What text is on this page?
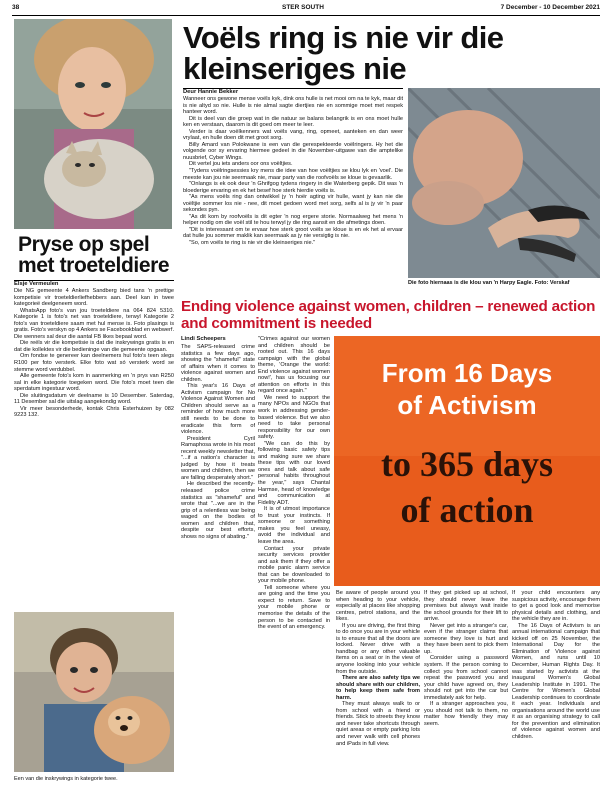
38	STER SOUTH	7 December - 10 December 2021
Pryse op spel met troeteldiere
Elsje Vermeulen

Die NG gemeente 4 Ankers Sandberg bied tans 'n prettige kompetisie vir troeteldierliefhebbers aan. Deel kan in twee kategorieë deelgeneem word.

WhatsApp foto's van jou troeteldiere na 064 824 5310. Kategorie 1 is foto's net van troeteldiere, terwyl Kategorie 2 foto's van troeteldiere saam met hul mense is. Foto plasings is gratis. Foto's verskyn op 4 Ankers se Facebookblad en webwerf. Die wenners sal deur die aantal FB likes bepaal word.

Die reëls vir die kompetisie is dat die inskrywings gratis is en dat die kollektes vir die bedieninge van die gemeente opgaan.

Om fondse te genereer kan deelnemers hul foto's teen slegs R100 per foto versterk. Elke foto wat só versterk word se stemme word verdubbel.

Alle gemeente foto's kom in aanmerking en 'n prys van R250 sal in elke kategorie toegeken word. Die foto's moet teen die sperdatum ingestuur word.

Die sluitingsdatum vir deelname is 10 Desember. Saterdag, 11 Desember sal die uitslag aangekondig word.

Vir meer besonderhede, kontak Chris Esterhuizen by 082 9223 132.

Een van die inskrywings in kategorie twee.
Voëls ring is nie vir die kleinseriges nie
Deur Hannie Bekker

Wanneer ons gewone mense voëls kyk, dink ons hulle is net mooi om na te kyk, maar dit is nie altyd so nie. Hulle is nie almal sagte diertjies nie en sommige moet met respek hanteer word.

Dit is deel van die groep wat in die natuur se balans belangrik is en ons moet hulle ken en verstaan, daarom is dit goed om meer te leer.

Verder is daar voëlkenners wat voëls vang, ring, opmeet, aanteken en dan weer vrylaat, en hulle doen dit met groot sorg.

Billy Amard van Polokwane is een van die gerespekteerde voëlringers. Hy het die volgende oor sy ervaring hiermee gedeel in die November-uitgawe van die amptelike nuusbrief, Cyber Wings.

Dit vertel jou iets anders oor ons voëltjies.

"Tydens voëlringsessies kry mens die idee van hoe voëltjies se klou lyk en 'voel'. Die meeste kan jou nie seermaak nie, maar party van die roofvoëls se kloue is gevaarlik.

"Onlangs is ek ook deur 'n Ghrifgog tydens ringery in die Waterberg gepik. Dit was 'n bloederige ervaring en ek het besef hoe sterk hierdie voëls is.

"As mens voëls ring dan ontwikkel jy 'n hoër agting vir hulle, want jy kan nie die voëltjie sommer los nie - nee, dit moet gedoen word met sorg, selfs al is jy vir 'n paar sekondes pyn.

"As dit kom by roofvoëls is dit egter 'n nog ergere storie. Normaalweg het mens 'n helper nodig om die voël stil te hou terwyl jy die ring aansit en die afmetings doen.

"Dit is interessant om te ervaar hoe sterk groot voëls se kloue is en ek het al ervaar dat hulle jou sommer maklik kan seermaak as jy nie versigtig is nie.

"So, om voëls te ring is nie vir die kleinseriges nie."

Die foto hiernaas is die klou van 'n Harpy Eagle. Foto: Verskaf
Ending violence against women, children – renewed action and commitment is needed
Lindi Scheepers

The SAPS-released crime statistics a few days ago, showing the "shameful" state of affairs when it comes to violence against women and children.

This year's 16 Days of Activism campaign for No Violence Against Women and Children should serve as a reminder of how much more still needs to be done to eradicate this form of violence.

President Cyril Ramaphosa wrote in his most recent weekly newsletter that, "...if a nation's character is judged by how it treats women and children, then we are falling desperately short."

He described the recently-released police crime statistics as "shameful" and wrote that "...we are in the grip of a relentless war being waged on the bodies of women and children that, despite our best efforts, shows no signs of abating."

"Crimes against our women and children should be rooted out. This 16 days campaign with the global theme, 'Orange the world: End violence against women now!', has us focusing our attention on efforts in this regard once again."

We need to support the many NPOs and NGOs that work in addressing gender-based violence. But we also need to take personal responsibility for our own safety.

"We can do this by following basic safety tips and making sure we share these tips with our loved ones and talk about safe personal habits throughout the year," says Chantal Harmse, head of knowledge and communication at Fidelity ADT.

It is of utmost importance to trust your instincts. If someone or something makes you feel uneasy, avoid the individual and leave the area.

Contact your private security services provider and ask them if they offer a mobile panic alarm service that can be downloaded to your mobile phone.

Tell someone where you are going and the time you expect to return. Save to your mobile phone or memorise the details of the person to be contacted in the event of an emergency.

From 16 Days
of Activism
to 365 days
of action

Be aware of people around you when heading to your vehicle, especially at places like shopping centres, petrol stations, and the likes.

If you are driving, the first thing to do once you are in your vehicle is to ensure that all the doors are locked. Never drive with a handbag or any other valuable items on a seat or in the view of anyone looking into your vehicle from the outside.

There are also safety tips we should share with our children, to help keep them safe from harm.

They must always walk to or from school with a friend or friends. Stick to streets they know and never take shortcuts through quiet areas or empty parking lots and never walk with cell phones and iPads in full view.

If they get picked up at school, they should never leave the premises but always wait inside the school grounds for their lift to arrive.

Never get into a stranger's car, even if the stranger claims that someone they love is hurt and they have been sent to pick them up.

Consider using a password system. If the person coming to collect you from school cannot repeat the password you and your child have agreed on, they should not get into the car but immediately ask for help.

If a stranger approaches you, you should not talk to them, no matter how friendly they may seem.

If your child encounters any suspicious activity, encourage them to get a good look and memorise physical details and clothing, and the vehicle they are in.

The 16 Days of Activism is an annual international campaign that kicked off on 25 November, the International Day for the Elimination of Violence against Women, and runs until 10 December, Human Rights Day. It was started by activists at the inaugural Women's Global Leadership Institute in 1991. The Centre for Women's Global Leadership continues to coordinate it each year. Individuals and organisations around the world use it as an organising strategy to call for the prevention and elimination of violence against women and children.
